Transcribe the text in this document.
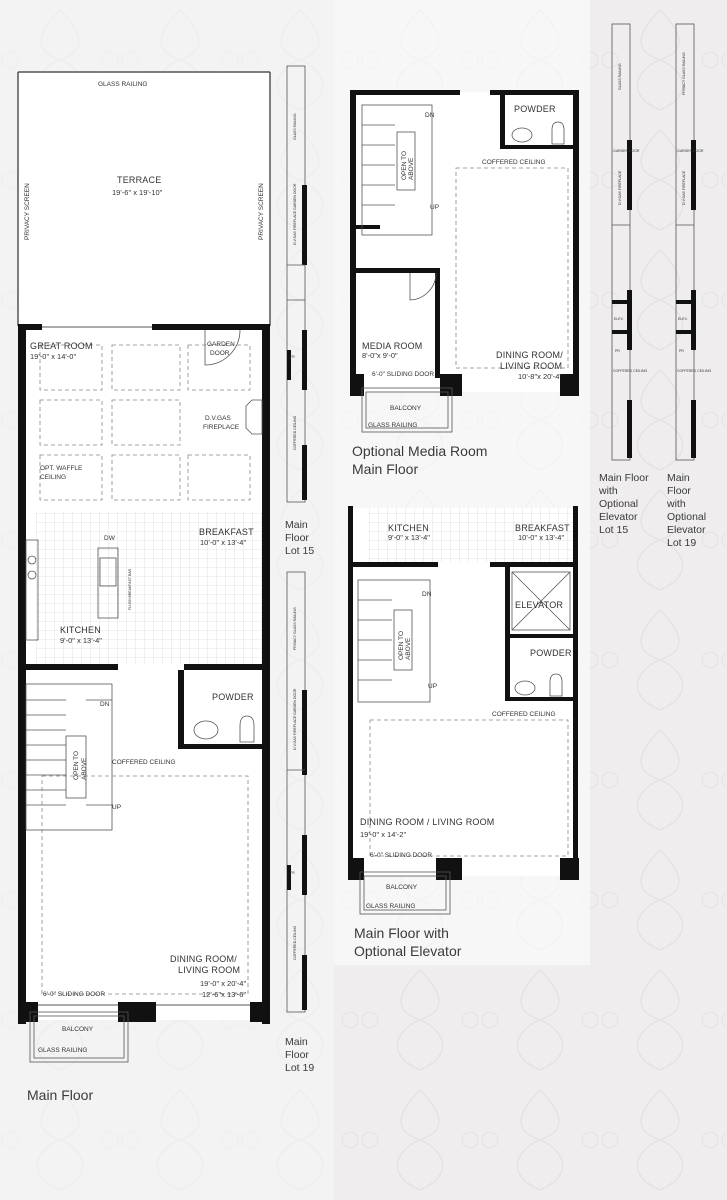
GLASS RAILING
TERRACE
19'-6" x 19'-10"
PRIVACY SCREEN	PRIVACY SCREEN
GREAT ROOM
19'-0" x 14'-0"
GARDEN
DOOR
D.V.GAS
FIREPLACE
OPT. WAFFLE
CEILING
BREAKFAST
10'-0" x 13'-4"
DW
FLUSH BREAKFAST BAR
KITCHEN
9'-0" x 13'-4"
DN
UP
OPEN TO ABOVE
POWDER
COFFERED CEILING
DINING ROOM/
LIVING ROOM
19'-0" x 20'-4"
12'-6"x 13'-6"
6'-0" SLIDING DOOR
BALCONY
GLASS RAILING
Main Floor
GLASS RAILING
GARDEN DOOR
D.V.GAS FIREPLACE
FR
COFFERED CEILING
Main
Floor
Lot 15
PRIVACY GLASS RAILING
GARDEN DOOR
D.V.GAS FIREPLACE
FR
COFFERED CEILING
Main
Floor
Lot 19
DN
UP
OPEN TO ABOVE
POWDER
COFFERED CEILING
MEDIA ROOM
8'-0"x 9'-0"	DINING ROOM/
LIVING ROOM
10'-8"x 20'-4"
6'-0" SLIDING DOOR
BALCONY
GLASS RAILING
Optional Media Room
Main Floor
KITCHEN
9'-0" x 13'-4"
BREAKFAST
10'-0" x 13'-4"
DN
UP
OPEN TO ABOVE
ELEVATOR
POWDER
COFFERED CEILING
DINING ROOM / LIVING ROOM
19'-0" x 14'-2"
6'-0" SLIDING DOOR
BALCONY
GLASS RAILING
Main Floor with
Optional Elevator
GLASS RAILING
GARDEN DOOR
D.V.GAS FIREPLACE
ELEV.
PR
COFFERED CEILING
Main Floor
with
Optional
Elevator
Lot 15
PRIVACY GLASS RAILING
GARDEN DOOR
D.V.GAS FIREPLACE
ELEV.
PR
COFFERED CEILING
Main
Floor
with
Optional
Elevator
Lot 19
